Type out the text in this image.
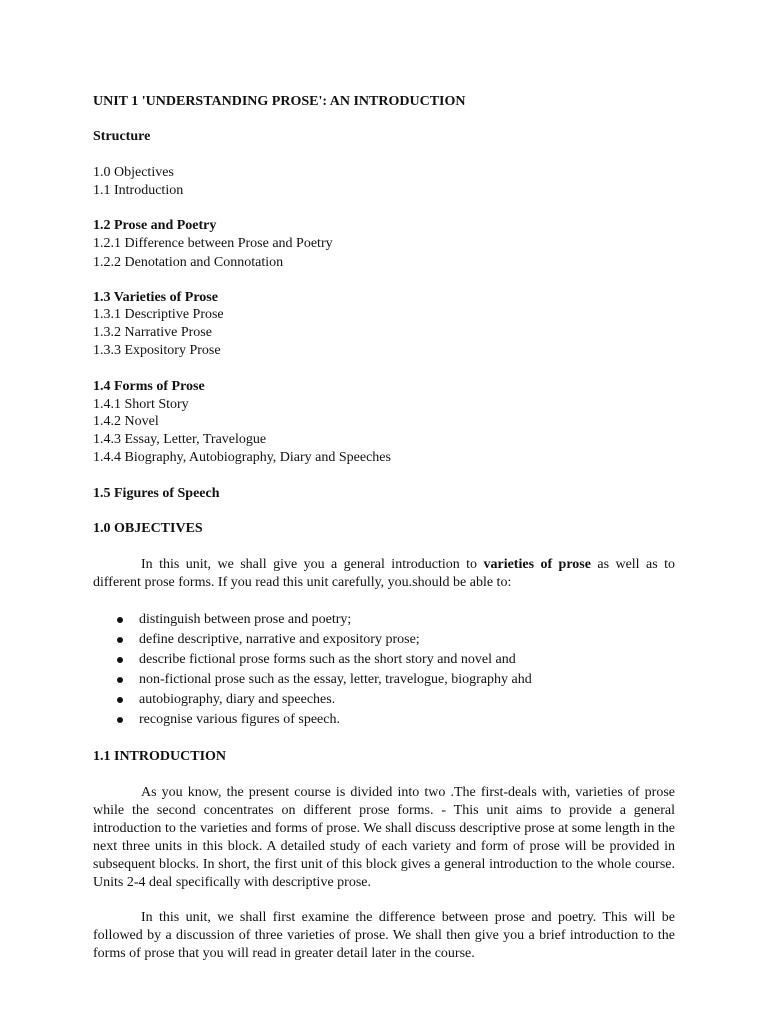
UNIT 1 'UNDERSTANDING PROSE': AN INTRODUCTION
Structure
1.0 Objectives
1.1 Introduction
1.2 Prose and Poetry
1.2.1 Difference between Prose and Poetry
1.2.2 Denotation and Connotation
1.3 Varieties of Prose
1.3.1 Descriptive Prose
1.3.2 Narrative Prose
1.3.3 Expository Prose
1.4 Forms of Prose
1.4.1 Short Story
1.4.2 Novel
1.4.3 Essay, Letter, Travelogue
1.4.4 Biography, Autobiography, Diary and Speeches
1.5 Figures of Speech
1.0 OBJECTIVES
In this unit, we shall give you a general introduction to varieties of prose as well as to different prose forms. If you read this unit carefully, you.should be able to:
distinguish between prose and poetry;
define descriptive, narrative and expository prose;
describe fictional prose forms such as the short story and novel and
non-fictional prose such as the essay, letter, travelogue, biography ahd
autobiography, diary and speeches.
recognise various figures of speech.
1.1 INTRODUCTION
As you know, the present course is divided into two .The first-deals with, varieties of prose while the second concentrates on different prose forms. - This unit aims to provide a general introduction to the varieties and forms of prose. We shall discuss descriptive prose at some length in the next three units in this block. A detailed study of each variety and form of prose will be provided in subsequent blocks. In short, the first unit of this block gives a general introduction to the whole course. Units 2-4 deal specifically with descriptive prose.
In this unit, we shall first examine the difference between prose and poetry. This will be followed by a discussion of three varieties of prose. We shall then give you a brief introduction to the forms of prose that you will read in greater detail later in the course.
